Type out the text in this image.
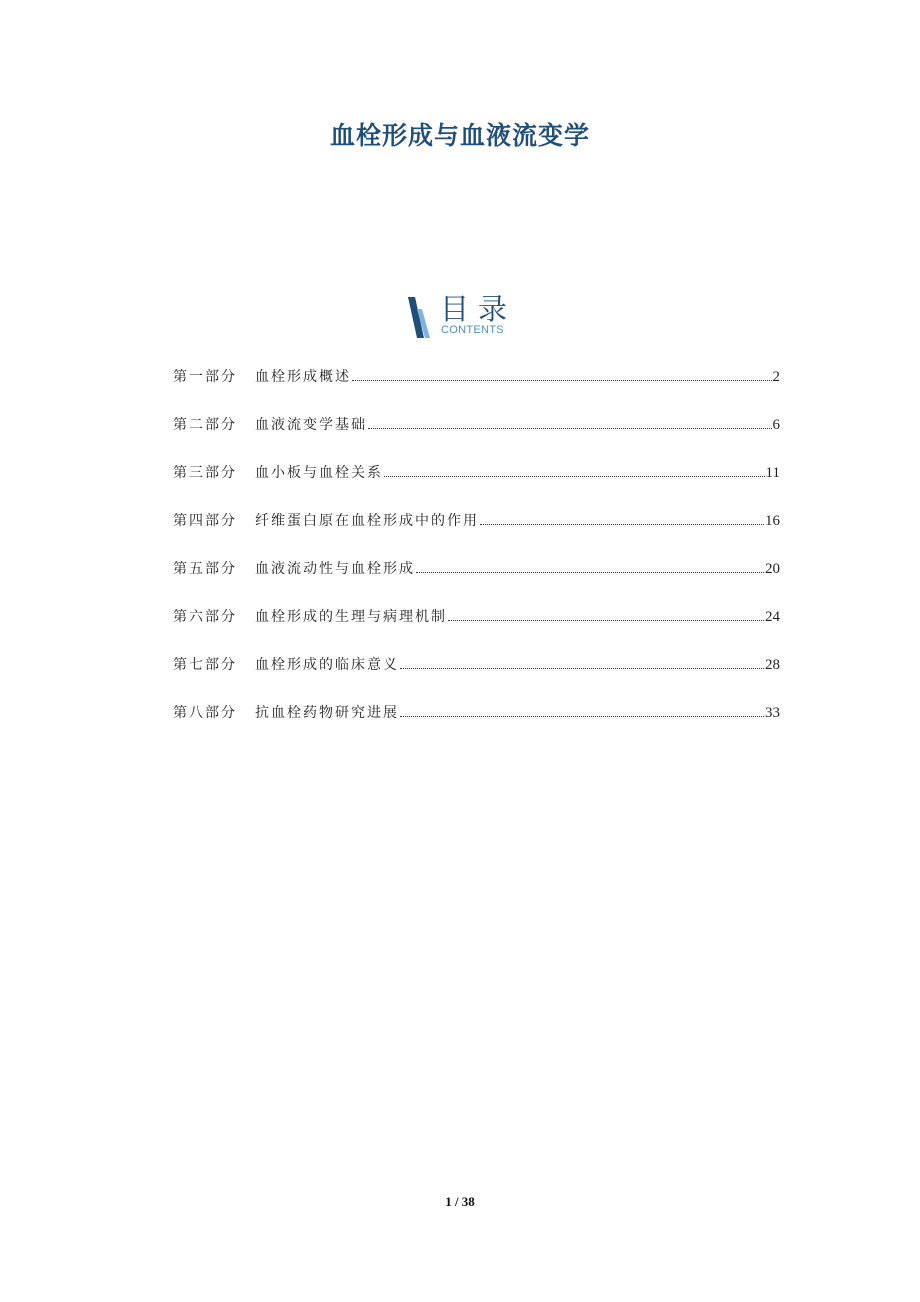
血栓形成与血液流变学
目录
CONTENTS
第一部分	血栓形成概述	2
第二部分	血液流变学基础	6
第三部分	血小板与血栓关系	11
第四部分	纤维蛋白原在血栓形成中的作用	16
第五部分	血液流动性与血栓形成	20
第六部分	血栓形成的生理与病理机制	24
第七部分	血栓形成的临床意义	28
第八部分	抗血栓药物研究进展	33
1 / 38
